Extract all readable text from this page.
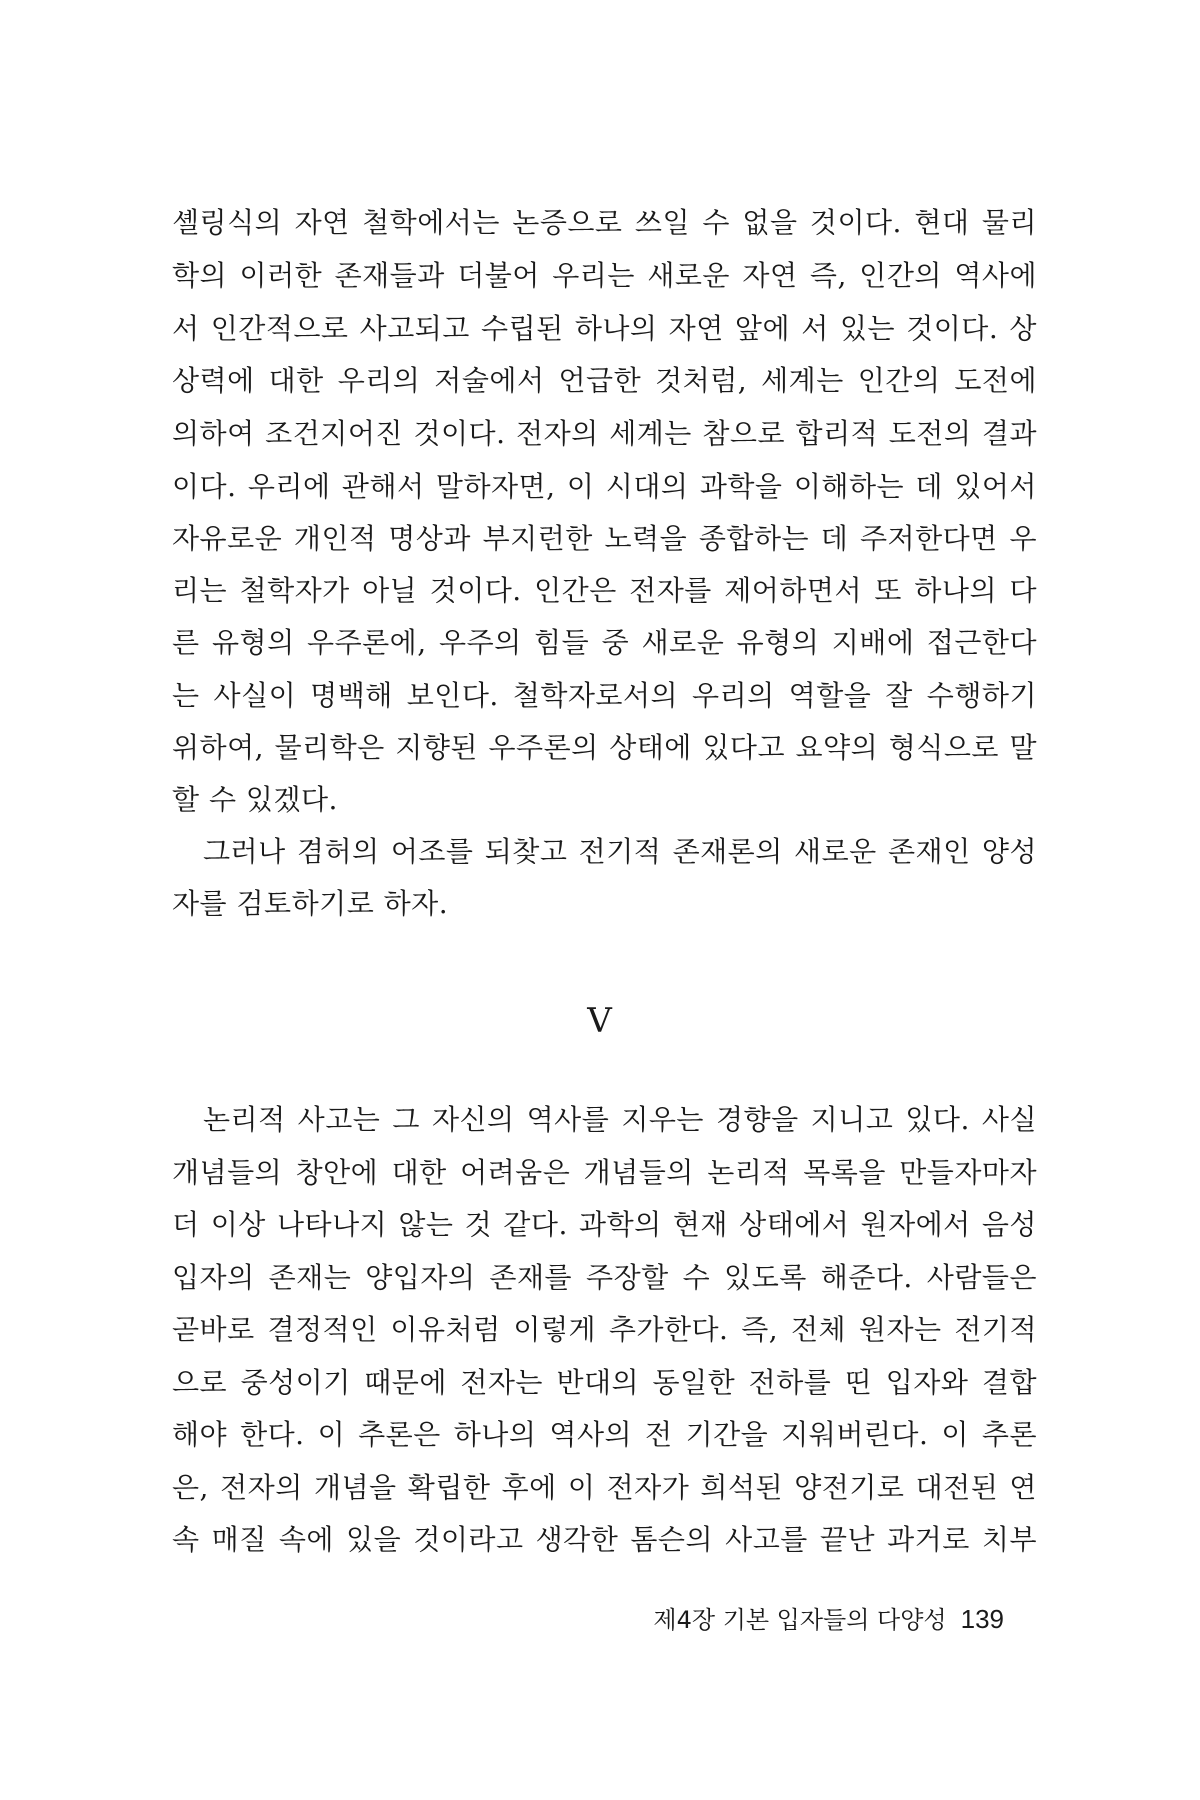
셸링식의 자연 철학에서는 논증으로 쓰일 수 없을 것이다. 현대 물리
학의 이러한 존재들과 더불어 우리는 새로운 자연 즉, 인간의 역사에
서 인간적으로 사고되고 수립된 하나의 자연 앞에 서 있는 것이다. 상
상력에 대한 우리의 저술에서 언급한 것처럼, 세계는 인간의 도전에
의하여 조건지어진 것이다. 전자의 세계는 참으로 합리적 도전의 결과
이다. 우리에 관해서 말하자면, 이 시대의 과학을 이해하는 데 있어서
자유로운 개인적 명상과 부지런한 노력을 종합하는 데 주저한다면 우
리는 철학자가 아닐 것이다. 인간은 전자를 제어하면서 또 하나의 다
른 유형의 우주론에, 우주의 힘들 중 새로운 유형의 지배에 접근한다
는 사실이 명백해 보인다. 철학자로서의 우리의 역할을 잘 수행하기
위하여, 물리학은 지향된 우주론의 상태에 있다고 요약의 형식으로 말
할 수 있겠다.
그러나 겸허의 어조를 되찾고 전기적 존재론의 새로운 존재인 양성
자를 검토하기로 하자.
V
논리적 사고는 그 자신의 역사를 지우는 경향을 지니고 있다. 사실
개념들의 창안에 대한 어려움은 개념들의 논리적 목록을 만들자마자
더 이상 나타나지 않는 것 같다. 과학의 현재 상태에서 원자에서 음성
입자의 존재는 양입자의 존재를 주장할 수 있도록 해준다. 사람들은
곧바로 결정적인 이유처럼 이렇게 추가한다. 즉, 전체 원자는 전기적
으로 중성이기 때문에 전자는 반대의 동일한 전하를 띤 입자와 결합
해야 한다. 이 추론은 하나의 역사의 전 기간을 지워버린다. 이 추론
은, 전자의 개념을 확립한 후에 이 전자가 희석된 양전기로 대전된 연
속 매질 속에 있을 것이라고 생각한 톰슨의 사고를 끝난 과거로 치부
제4장 기본 입자들의 다양성 139
